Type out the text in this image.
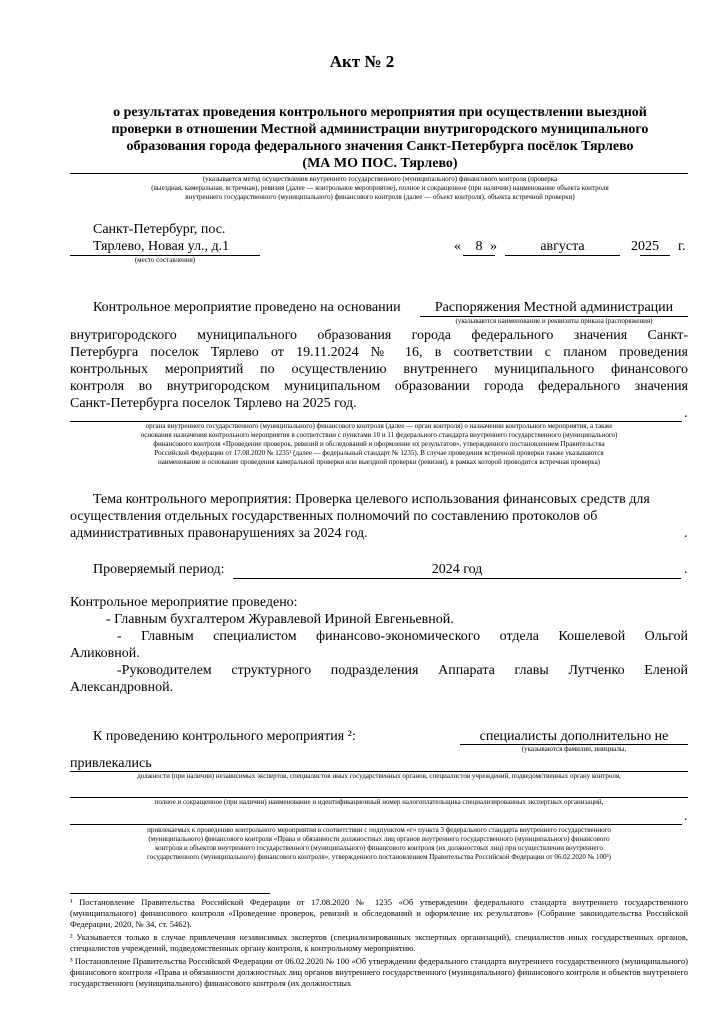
Акт № 2
о результатах проведения контрольного мероприятия при осуществлении выездной
проверки в отношении Местной администрации внутригородского муниципального
образования города федерального значения Санкт-Петербурга посёлок Тярлево
(МА МО ПОС. Тярлево)
(указывается метод осуществления внутреннего государственного (муниципального) финансового контроля (проверка
(выездная, камеральная, встречная), ревизия (далее — контрольное мероприятие), полное и сокращенное (при наличии) наименование объекта контроля
внутреннего государственного (муниципального) финансового контроля (далее — объект контроля), объекта встречной проверки)
Санкт-Петербург, пос.
Тярлево, Новая ул., д.1
(место составления)
«	8 »	августа	2025	г.
Контрольное мероприятие проведено на основании	Распоряжения Местной администрации
(указываются наименование и реквизиты приказа (распоряжения)
внутригородского муниципального образования города федерального значения Санкт-
Петербурга поселок Тярлево от 19.11.2024 № 16, в соответствии с планом проведения
контрольных мероприятий по осуществлению внутреннего муниципального финансового
контроля во внутригородском муниципальном образовании города федерального значения
Санкт-Петербурга поселок Тярлево на 2025 год.
.
органа внутреннего государственного (муниципального) финансового контроля (далее — орган контроля) о назначении контрольного мероприятия, а также
основания назначения контрольного мероприятия в соответствии с пунктами 10 и 11 федерального стандарта внутреннего государственного (муниципального)
финансового контроля «Проведение проверок, ревизий и обследований и оформление их результатов», утвержденного постановлением Правительства
Российской Федерации от 17.08.2020 № 1235¹ (далее — федеральный стандарт № 1235). В случае проведения встречной проверки также указываются
наименование и основание проведения камеральной проверки или выездной проверки (ревизии), в рамках которой проводится встречная проверка)
Тема контрольного мероприятия: Проверка целевого использования финансовых средств для
осуществления отдельных государственных полномочий по составлению протоколов об
административных правонарушениях за 2024 год.	.
Проверяемый период:	2024 год	.
Контрольное мероприятие проведено:
- Главным бухгалтером Журавлевой Ириной Евгеньевной.
- Главным специалистом финансово-экономического отдела Кошелевой Ольгой
Аликовной.
-Руководителем структурного подразделения Аппарата главы Лутченко Еленой
Александровной.
К проведению контрольного мероприятия ²:	специалисты дополнительно не
(указываются фамилии, инициалы,
привлекались
должности (при наличии) независимых экспертов, специалистов иных государственных органов, специалистов учреждений, подведомственных органу контроля,
полное и сокращенное (при наличии) наименование и идентификационный номер налогоплательщика специализированных экспертных организаций,
.
привлекаемых к проведению контрольного мероприятия в соответствии с подпунктом «г» пункта 3 федерального стандарта внутреннего государственного
(муниципального) финансового контроля «Права и обязанности должностных лиц органов внутреннего государственного (муниципального) финансового
контроля и объектов внутреннего государственного (муниципального) финансового контроля (их должностных лиц) при осуществлении внутреннего
государственного (муниципального) финансового контроля», утвержденного постановлением Правительства Российской Федерации от 06.02.2020 № 100³)
¹ Постановление Правительства Российской Федерации от 17.08.2020 № 1235 «Об утверждении федерального стандарта внутреннего государственного (муниципального) финансового контроля «Проведение проверок, ревизий и обследований и оформление их результатов» (Собрание законодательства Российской Федерации, 2020, № 34, ст. 5462).
² Указывается только в случае привлечения независимых экспертов (специализированных экспертных организаций), специалистов иных государственных органов, специалистов учреждений, подведомственных органу контроля, к контрольному мероприятию.
³ Постановление Правительства Российской Федерации от 06.02.2020 № 100 «Об утверждении федерального стандарта внутреннего государственного (муниципального) финансового контроля «Права и обязанности должностных лиц органов внутреннего государственного (муниципального) финансового контроля и объектов внутреннего государственного (муниципального) финансового контроля (их должностных
